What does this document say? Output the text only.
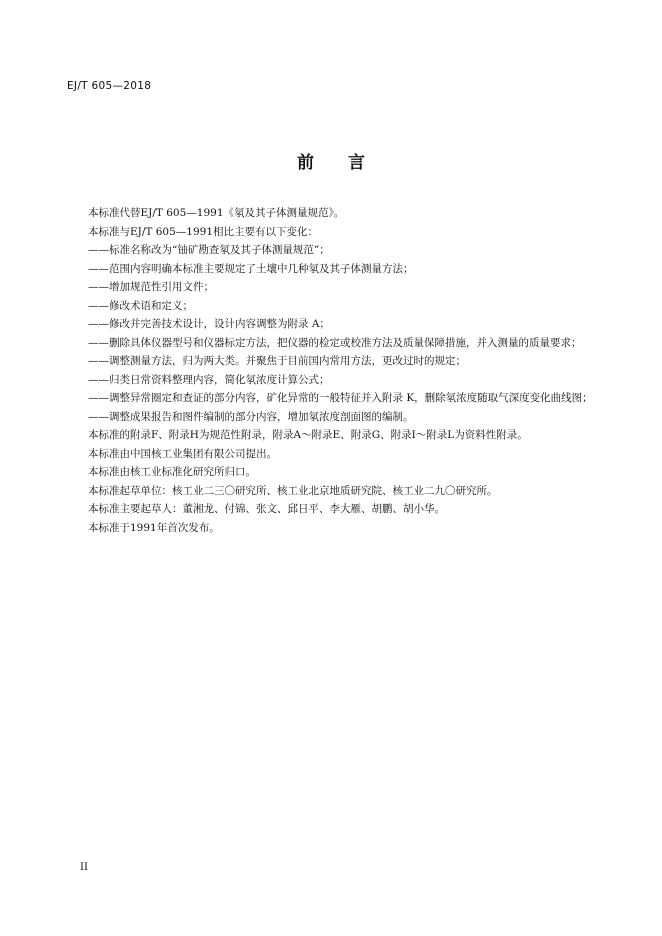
EJ/T 605—2018
前 言

本标准代替EJ/T 605—1991《氡及其子体测量规范》。

本标准与EJ/T 605—1991相比主要有以下变化：

——标准名称改为“铀矿勘查氡及其子体测量规范”；

——范围内容明确本标准主要规定了土壤中几种氡及其子体测量方法；

——增加规范性引用文件；

——修改术语和定义；

——修改并完善技术设计，设计内容调整为附录 A；

——删除具体仪器型号和仪器标定方法，把仪器的检定或校准方法及质量保障措施，并入测量的质量要求；

——调整测量方法，归为两大类。并聚焦于目前国内常用方法，更改过时的规定；

——归类日常资料整理内容，简化氡浓度计算公式；

——调整异常圈定和查证的部分内容，矿化异常的一般特征并入附录 K，删除氡浓度随取气深度变化曲线图；

——调整成果报告和图件编制的部分内容，增加氡浓度剖面图的编制。

本标准的附录F、附录H为规范性附录，附录A～附录E、附录G、附录I～附录L为资料性附录。

本标准由中国核工业集团有限公司提出。

本标准由核工业标准化研究所归口。

本标准起草单位：核工业二三〇研究所、核工业北京地质研究院、核工业二九〇研究所。

本标准主要起草人：董湘龙、付锦、张文、邱日平、李大雁、胡鹏、胡小华。

本标准于1991年首次发布。

II
